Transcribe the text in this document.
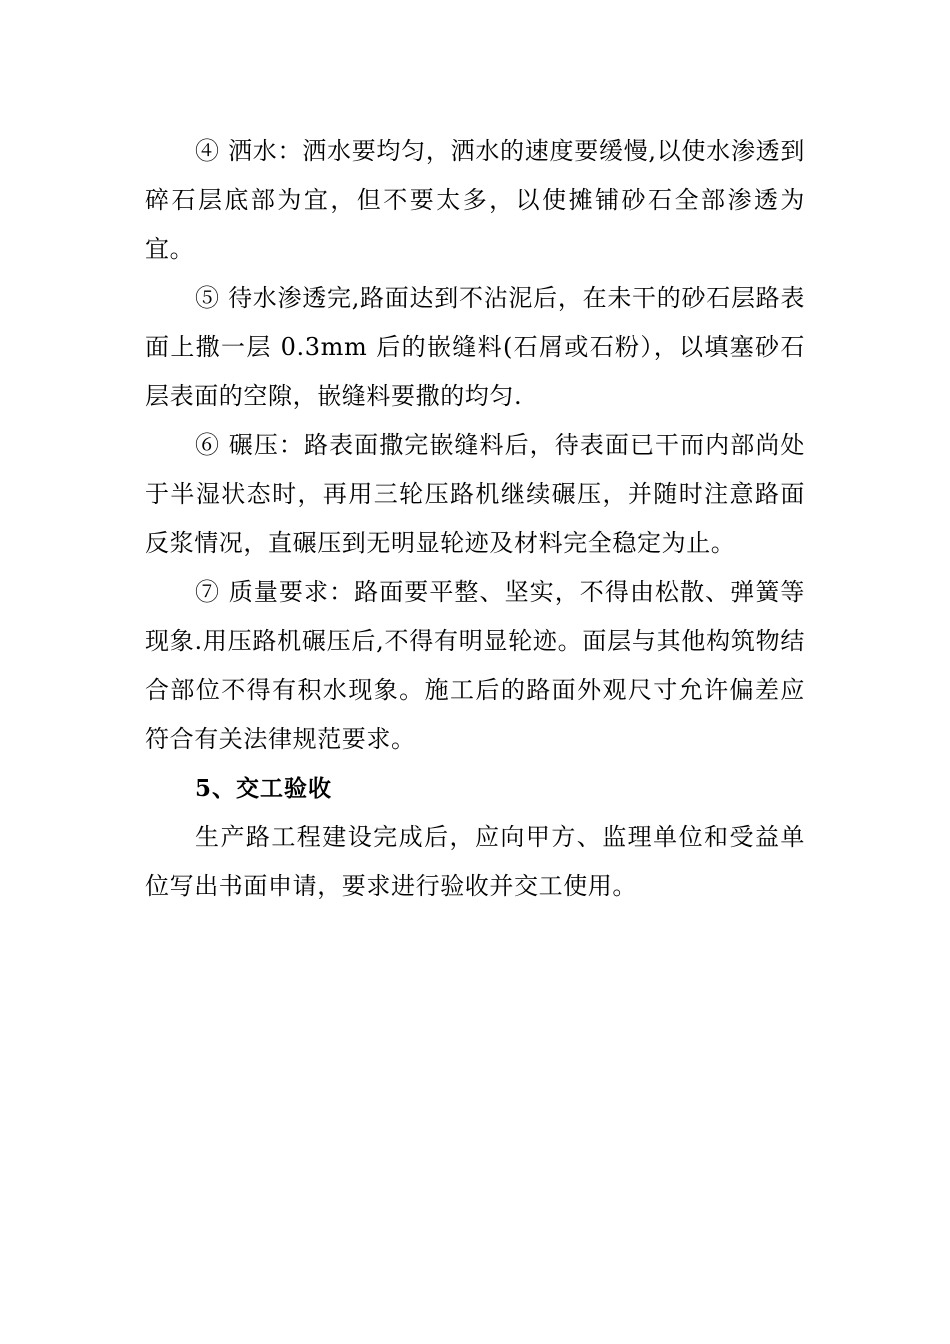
④ 洒水：洒水要均匀，洒水的速度要缓慢,以使水渗透到碎石层底部为宜，但不要太多，以使摊铺砂石全部渗透为宜。

⑤ 待水渗透完,路面达到不沾泥后，在未干的砂石层路表面上撒一层 0.3mm 后的嵌缝料(石屑或石粉），以填塞砂石层表面的空隙，嵌缝料要撒的均匀.

⑥ 碾压：路表面撒完嵌缝料后，待表面已干而内部尚处于半湿状态时，再用三轮压路机继续碾压，并随时注意路面反浆情况，直碾压到无明显轮迹及材料完全稳定为止。

⑦ 质量要求：路面要平整、坚实，不得由松散、弹簧等现象.用压路机碾压后,不得有明显轮迹。面层与其他构筑物结合部位不得有积水现象。施工后的路面外观尺寸允许偏差应符合有关法律规范要求。

5、交工验收

生产路工程建设完成后，应向甲方、监理单位和受益单位写出书面申请，要求进行验收并交工使用。
